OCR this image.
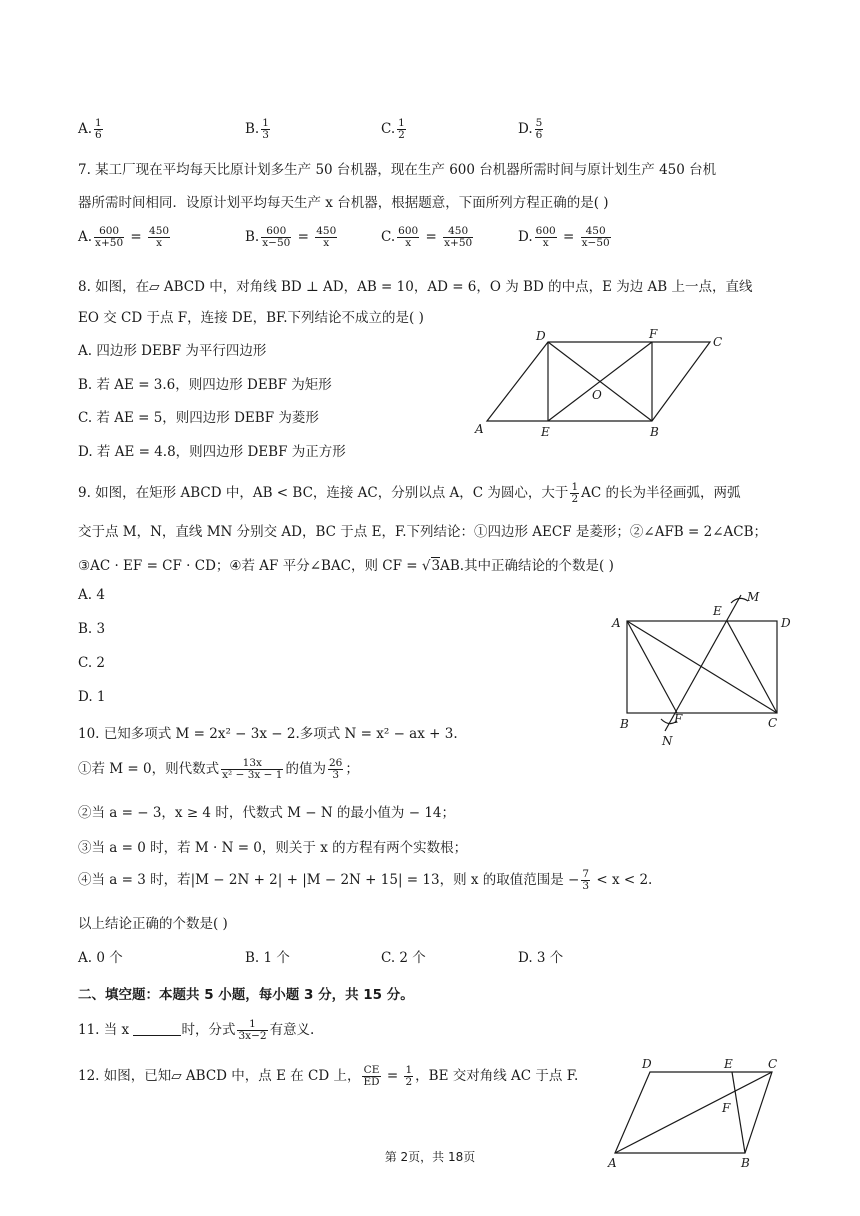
A. $\frac{1}{6}$	B. $\frac{1}{3}$	C. $\frac{1}{2}$	D. $\frac{5}{6}$
7. 某工厂现在平均每天比原计划多生产 50 台机器，现在生产 600 台机器所需时间与原计划生产 450 台机
器所需时间相同．设原计划平均每天生产 x 台机器，根据题意，下面所列方程正确的是( )
A. $\frac{600}{x+50} = \frac{450}{x}$	B. $\frac{600}{x-50} = \frac{450}{x}$	C. $\frac{600}{x} = \frac{450}{x+50}$	D. $\frac{600}{x} = \frac{450}{x-50}$
8. 如图，在▱ ABCD 中，对角线 BD ⊥ AD，AB = 10，AD = 6，O 为 BD 的中点，E 为边 AB 上一点，直线
EO 交 CD 于点 F，连接 DE，BF.下列结论不成立的是( )
A. 四边形 DEBF 为平行四边形
B. 若 AE = 3.6，则四边形 DEBF 为矩形
C. 若 AE = 5，则四边形 DEBF 为菱形
D. 若 AE = 4.8，则四边形 DEBF 为正方形
D	F
C
O
A	E	B
9. 如图，在矩形 ABCD 中，AB < BC，连接 AC，分别以点 A，C 为圆心，大于 $\frac{1}{2}$ AC 的长为半径画弧，两弧
交于点 M，N，直线 MN 分别交 AD，BC 于点 E，F.下列结论：①四边形 AECF 是菱形；②∠AFB = 2∠ACB；
③AC · EF = CF · CD；④若 AF 平分∠BAC，则 CF = √3AB.其中正确结论的个数是( )
A. 4
B. 3
C. 2
D. 1
A
E
M
D
B	F	C
N
10. 已知多项式 M = 2x² − 3x − 2.多项式 N = x² − ax + 3.
①若 M = 0，则代数式 $\frac{13x}{\text{x² − 3x − 1}}$ 的值为 $\frac{26}{3}$ ；
②当 a = − 3，x ≥ 4 时，代数式 M − N 的最小值为 − 14；
③当 a = 0 时，若 M · N = 0，则关于 x 的方程有两个实数根；
④当 a = 3 时，若|M − 2N + 2| + |M − 2N + 15| = 13，则 x 的取值范围是 − $\frac{7}{3} < x < 2$.
以上结论正确的个数是( )
A. 0 个	B. 1 个	C. 2 个	D. 3 个
二、填空题：本题共 5 小题，每小题 3 分，共 15 分。
11. 当 x	时，分式 $\frac{1}{3x-2}$ 有意义.
12. 如图，已知▱ ABCD 中，点 E 在 CD 上， $\frac{CE}{ED} = \frac{1}{2}$ ，BE 交对角线 AC 于点 F.
D	E	C
F
A	B
第 2页，共 18页
